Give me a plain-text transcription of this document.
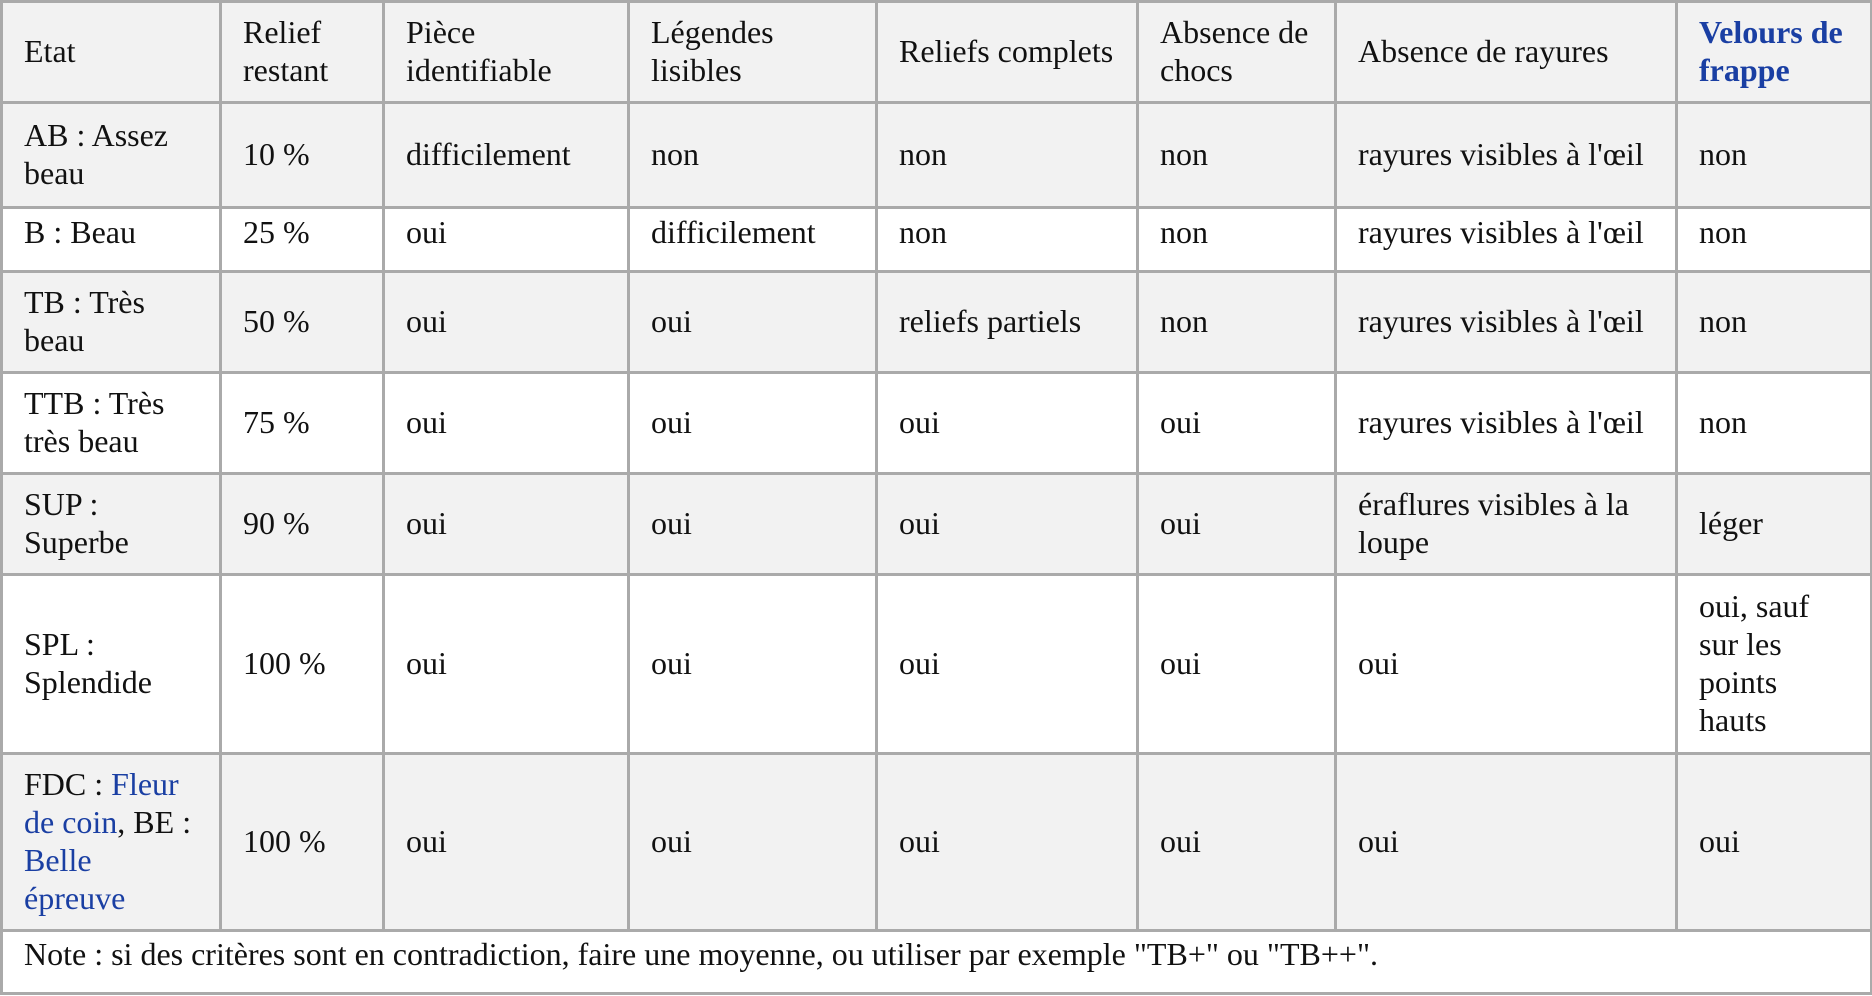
Etat	Relief restant	Pièce identifiable	Légendes lisibles	Reliefs complets	Absence de chocs	Absence de rayures	Velours de frappe
AB : Assez beau	10 %	difficilement	non	non	non	rayures visibles à l'œil	non
B : Beau	25 %	oui	difficilement	non	non	rayures visibles à l'œil	non
TB : Très beau	50 %	oui	oui	reliefs partiels	non	rayures visibles à l'œil	non
TTB : Très très beau	75 %	oui	oui	oui	oui	rayures visibles à l'œil	non
SUP : Superbe	90 %	oui	oui	oui	oui	éraflures visibles à la loupe	léger
SPL : Splendide	100 %	oui	oui	oui	oui	oui	oui, sauf sur les points hauts
FDC : Fleur de coin, BE : Belle épreuve	100 %	oui	oui	oui	oui	oui	oui
Note : si des critères sont en contradiction, faire une moyenne, ou utiliser par exemple "TB+" ou "TB++".							
